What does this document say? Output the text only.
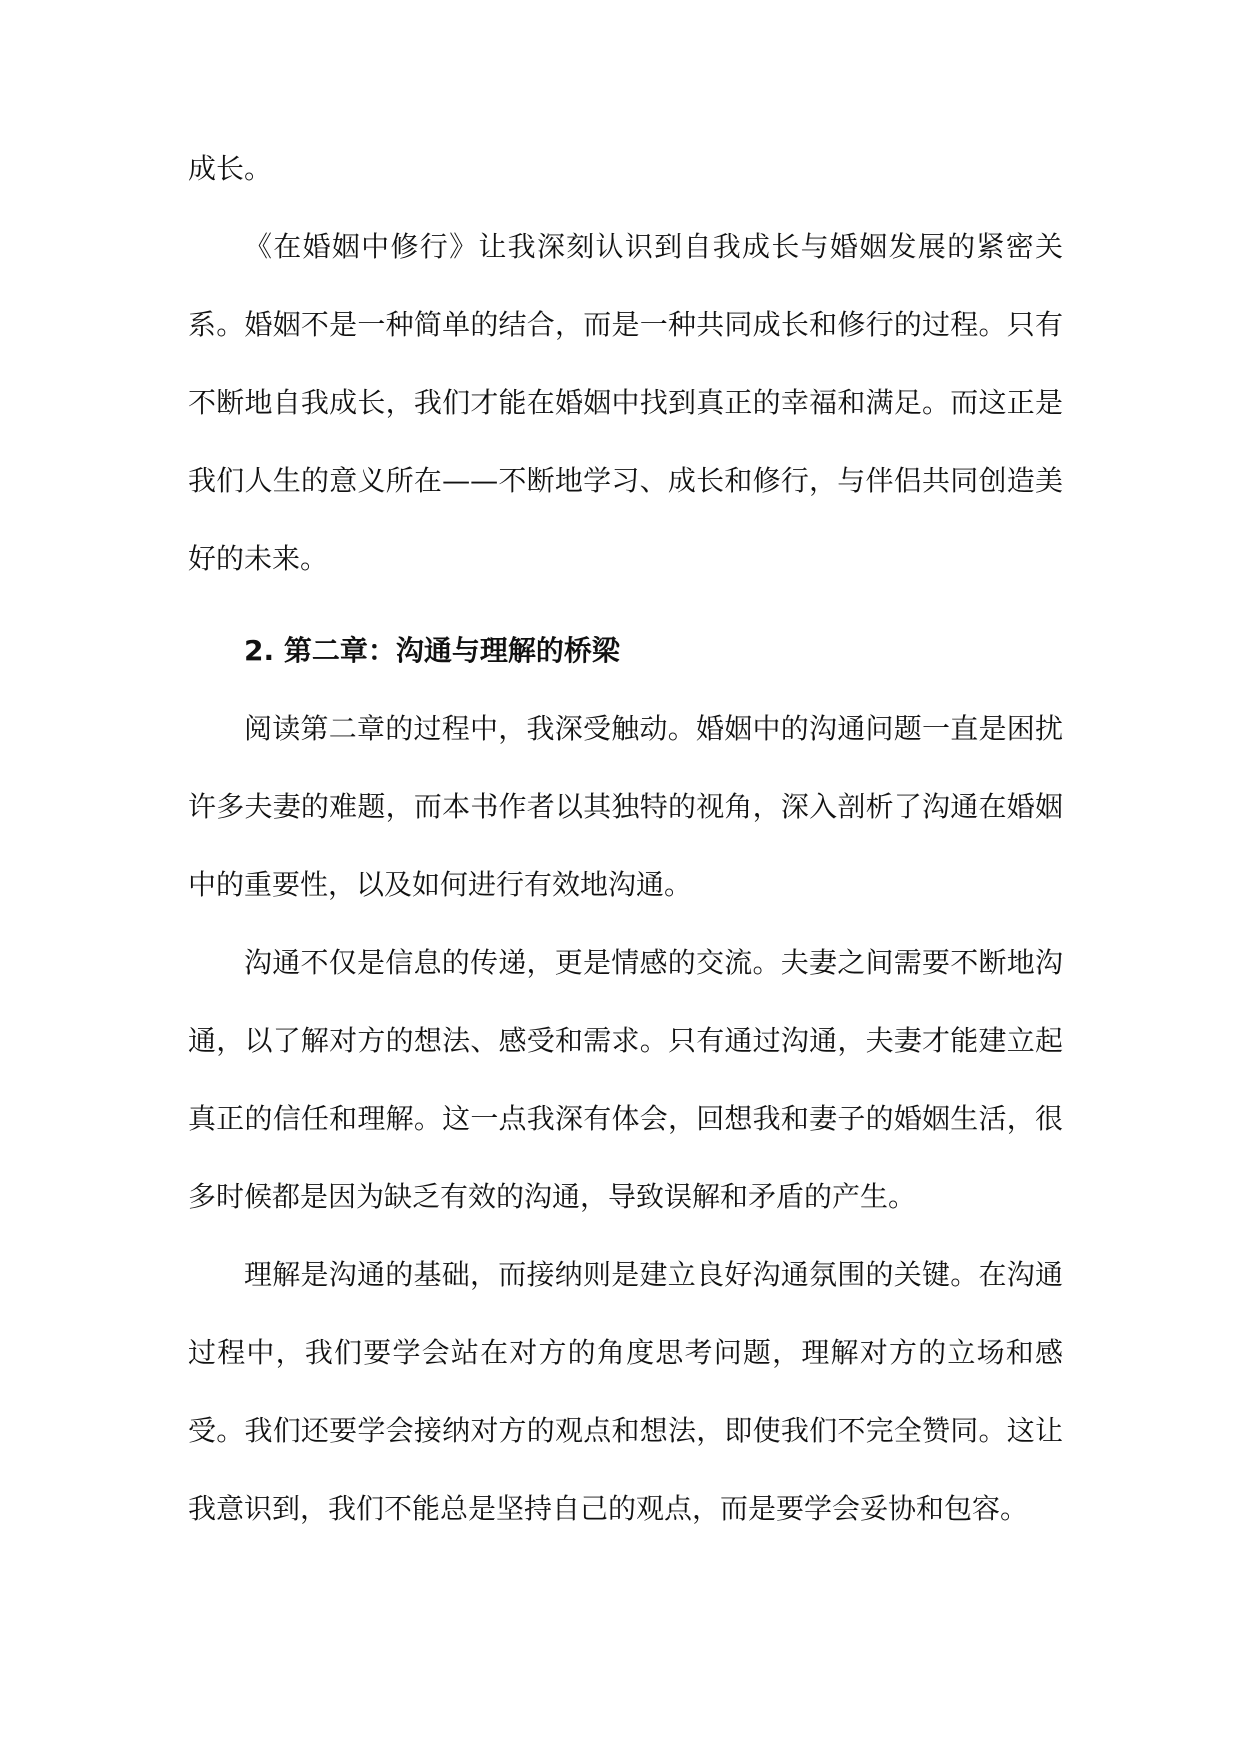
成长。

《在婚姻中修行》让我深刻认识到自我成长与婚姻发展的紧密关系。婚姻不是一种简单的结合，而是一种共同成长和修行的过程。只有不断地自我成长，我们才能在婚姻中找到真正的幸福和满足。而这正是我们人生的意义所在——不断地学习、成长和修行，与伴侣共同创造美好的未来。

2. 第二章：沟通与理解的桥梁

阅读第二章的过程中，我深受触动。婚姻中的沟通问题一直是困扰许多夫妻的难题，而本书作者以其独特的视角，深入剖析了沟通在婚姻中的重要性，以及如何进行有效地沟通。

沟通不仅是信息的传递，更是情感的交流。夫妻之间需要不断地沟通，以了解对方的想法、感受和需求。只有通过沟通，夫妻才能建立起真正的信任和理解。这一点我深有体会，回想我和妻子的婚姻生活，很多时候都是因为缺乏有效的沟通，导致误解和矛盾的产生。

理解是沟通的基础，而接纳则是建立良好沟通氛围的关键。在沟通过程中，我们要学会站在对方的角度思考问题，理解对方的立场和感受。我们还要学会接纳对方的观点和想法，即使我们不完全赞同。这让我意识到，我们不能总是坚持自己的观点，而是要学会妥协和包容。
